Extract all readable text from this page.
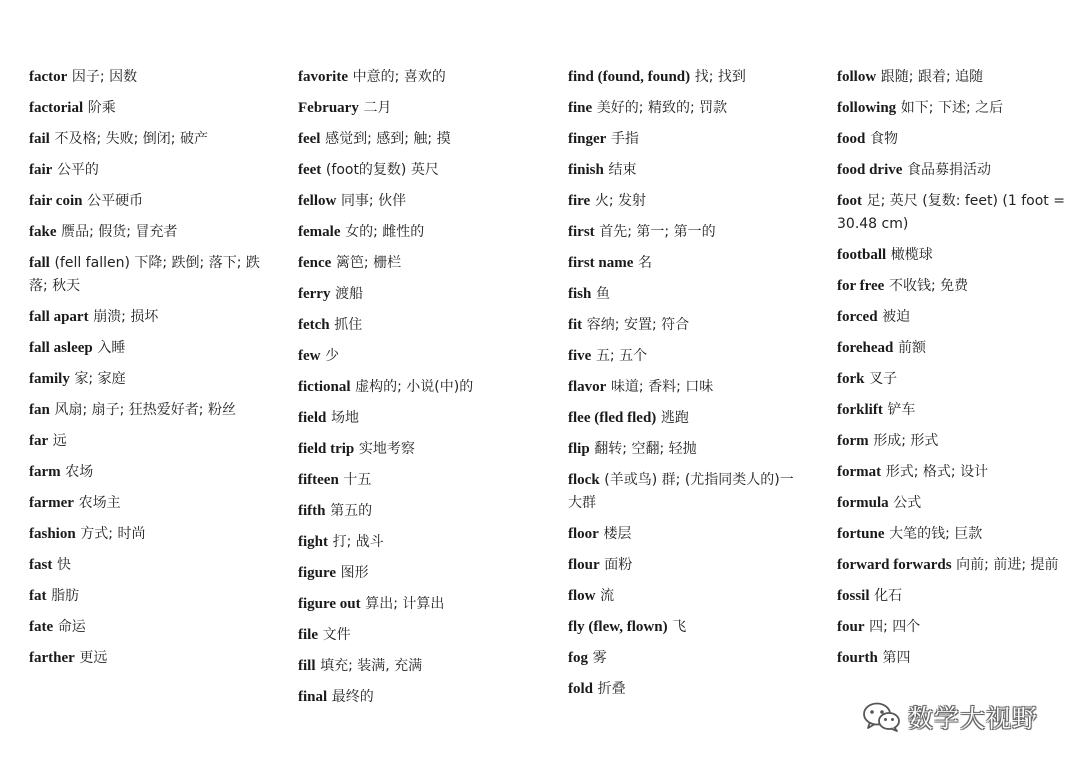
factor 因子; 因数
factorial 阶乘
fail 不及格; 失败; 倒闭; 破产
fair 公平的
fair coin 公平硬币
fake 赝品; 假货; 冒充者
fall (fell fallen) 下降; 跌倒; 落下; 跌落; 秋天
fall apart 崩溃; 损坏
fall asleep 入睡
family 家; 家庭
fan 风扇; 扇子; 狂热爱好者; 粉丝
far 远
farm 农场
farmer 农场主
fashion 方式; 时尚
fast 快
fat 脂肪
fate 命运
farther 更远
favorite 中意的; 喜欢的
February 二月
feel 感觉到; 感到; 触; 摸
feet (foot的复数) 英尺
fellow 同事; 伙伴
female 女的; 雌性的
fence 篱笆; 栅栏
ferry 渡船
fetch 抓住
few 少
fictional 虚构的; 小说(中)的
field 场地
field trip 实地考察
fifteen 十五
fifth 第五的
fight 打; 战斗
figure 图形
figure out 算出; 计算出
file 文件
fill 填充; 装满, 充满
final 最终的
find (found, found) 找; 找到
fine 美好的; 精致的; 罚款
finger 手指
finish 结束
fire 火; 发射
first 首先; 第一; 第一的
first name 名
fish 鱼
fit 容纳; 安置; 符合
five 五; 五个
flavor 味道; 香料; 口味
flee (fled fled) 逃跑
flip 翻转; 空翻; 轻抛
flock (羊或鸟) 群; (尤指同类人的)一大群
floor 楼层
flour 面粉
flow 流
fly (flew, flown) 飞
fog 雾
fold 折叠
follow 跟随; 跟着; 追随
following 如下; 下述; 之后
food 食物
food drive 食品募捐活动
foot 足; 英尺 (复数: feet) (1 foot = 30.48 cm)
football 橄榄球
for free 不收钱; 免费
forced 被迫
forehead 前额
fork 叉子
forklift 铲车
form 形成; 形式
format 形式; 格式; 设计
formula 公式
fortune 大笔的钱; 巨款
forward forwards 向前; 前进; 提前
fossil 化石
four 四; 四个
fourth 第四
数学大视野
